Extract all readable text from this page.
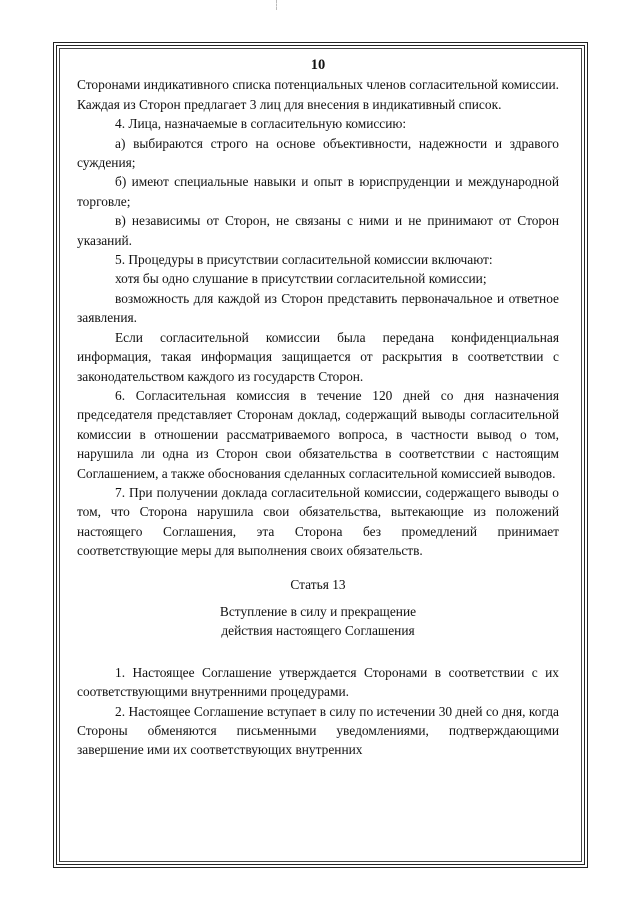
10

Сторонами индикативного списка потенциальных членов согласительной комиссии. Каждая из Сторон предлагает 3 лиц для внесения в индикативный список.

4. Лица, назначаемые в согласительную комиссию:

а) выбираются строго на основе объективности, надежности и здравого суждения;

б) имеют специальные навыки и опыт в юриспруденции и международной торговле;

в) независимы от Сторон, не связаны с ними и не принимают от Сторон указаний.

5. Процедуры в присутствии согласительной комиссии включают:

хотя бы одно слушание в присутствии согласительной комиссии;

возможность для каждой из Сторон представить первоначальное и ответное заявления.

Если согласительной комиссии была передана конфиденциальная информация, такая информация защищается от раскрытия в соответствии с законодательством каждого из государств Сторон.

6. Согласительная комиссия в течение 120 дней со дня назначения председателя представляет Сторонам доклад, содержащий выводы согласительной комиссии в отношении рассматриваемого вопроса, в частности вывод о том, нарушила ли одна из Сторон свои обязательства в соответствии с настоящим Соглашением, а также обоснования сделанных согласительной комиссией выводов.

7. При получении доклада согласительной комиссии, содержащего выводы о том, что Сторона нарушила свои обязательства, вытекающие из положений настоящего Соглашения, эта Сторона без промедлений принимает соответствующие меры для выполнения своих обязательств.

Статья 13
Вступление в силу и прекращение
действия настоящего Соглашения

1. Настоящее Соглашение утверждается Сторонами в соответствии с их соответствующими внутренними процедурами.

2. Настоящее Соглашение вступает в силу по истечении 30 дней со дня, когда Стороны обменяются письменными уведомлениями, подтверждающими завершение ими их соответствующих внутренних
